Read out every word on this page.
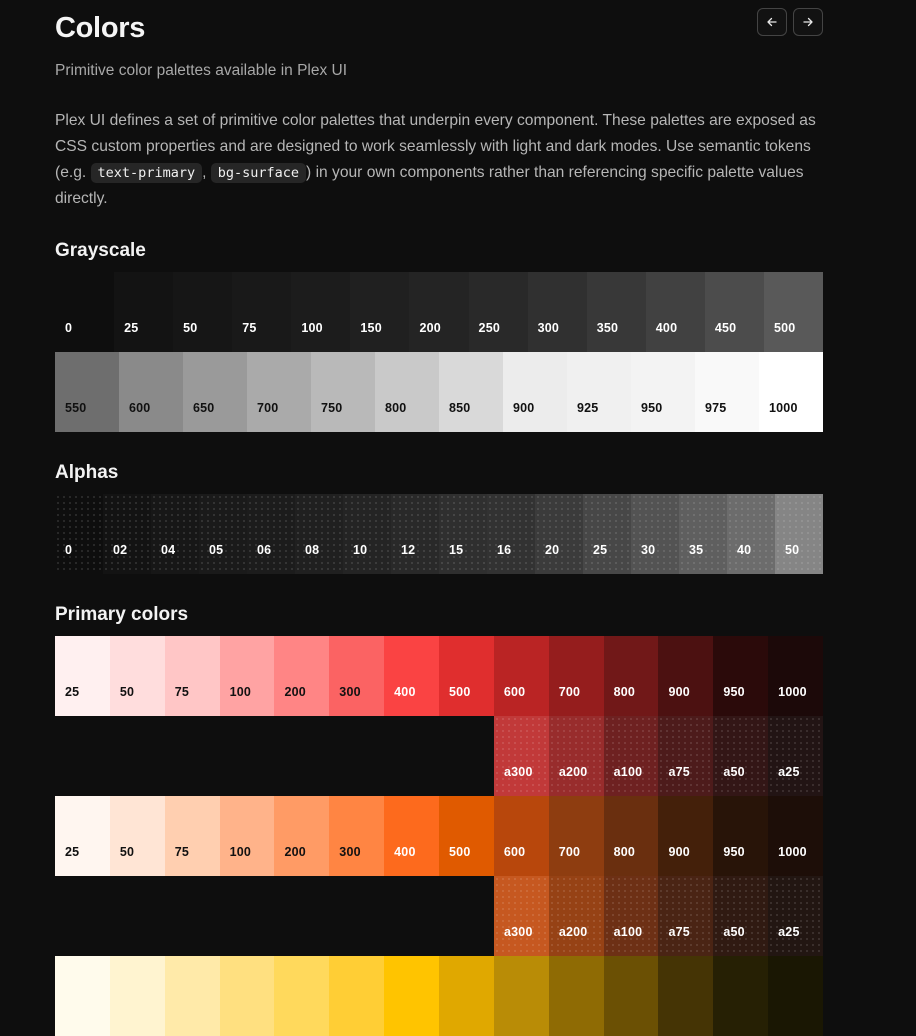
Colors
Primitive color palettes available in Plex UI

Plex UI defines a set of primitive color palettes that underpin every component. These palettes are exposed as CSS custom properties and are designed to work seamlessly with light and dark modes. Use semantic tokens (e.g. text-primary , bg-surface ) in your own components rather than referencing specific palette values directly.

Grayscale
0	25	50	75	100	150	200	250	300	350	400	450	500
550	600	650	700	750	800	850	900	925	950	975	1000
Alphas
0	02	04	05	06	08	10	12	15	16	20	25	30	35	40	50
Primary colors
25	50	75	100	200	300	400	500	600	700	800	900	950	1000
a300 a200 a100 a75	a50	a25
25	50	75	100	200	300	400	500	600	700	800	900	950	1000
a300 a200 a100 a75	a50	a25
